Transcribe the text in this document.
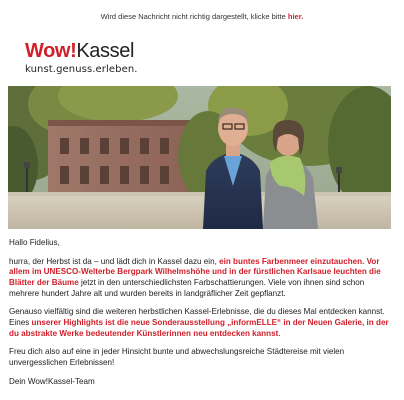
Wird diese Nachricht nicht richtig dargestellt, klicke bitte hier.
Wow!Kassel
kunst.genuss.erleben.

Hallo Fidelius,

hurra, der Herbst ist da – und lädt dich in Kassel dazu ein, ein buntes Farbenmeer einzutauchen. Vor allem im UNESCO-Welterbe Bergpark Wilhelmshöhe und in der fürstlichen Karlsaue leuchten die Blätter der Bäume jetzt in den unterschiedlichsten Farbschattierungen. Viele von ihnen sind schon mehrere hundert Jahre alt und wurden bereits in landgräflicher Zeit gepflanzt.

Genauso vielfältig sind die weiteren herbstlichen Kassel-Erlebnisse, die du dieses Mal entdecken kannst. Eines unserer Highlights ist die neue Sonderausstellung „informELLE“ in der Neuen Galerie, in der du abstrakte Werke bedeutender Künstlerinnen neu entdecken kannst.

Freu dich also auf eine in jeder Hinsicht bunte und abwechslungsreiche Städtereise mit vielen unvergesslichen Erlebnissen!

Dein Wow!Kassel-Team
